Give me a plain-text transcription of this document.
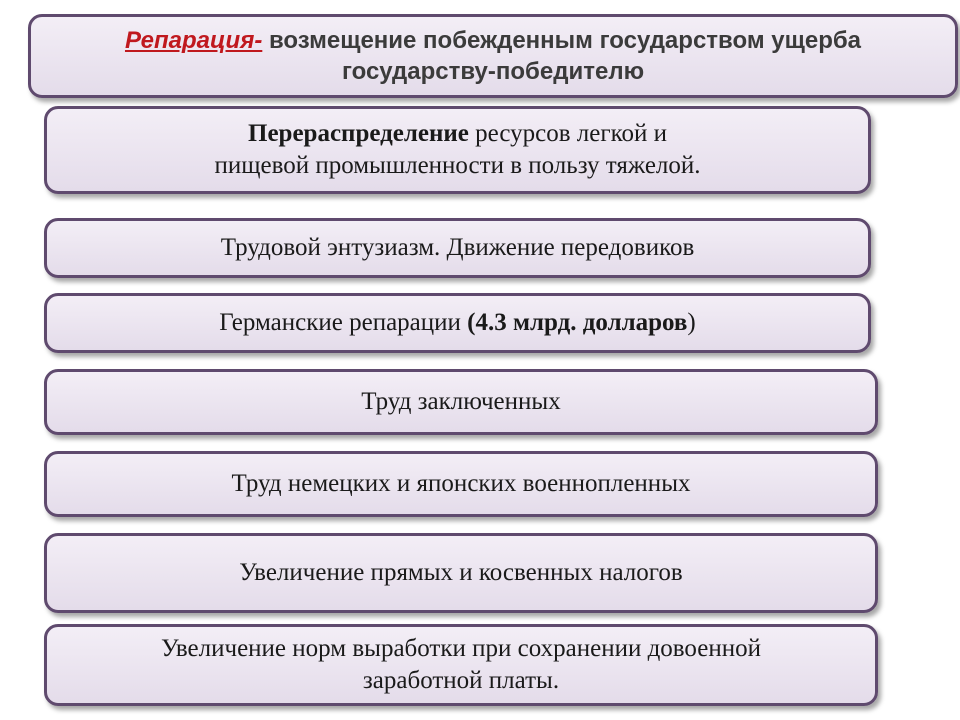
Репарация- возмещение побежденным государством ущерба
государству-победителю
Перераспределение ресурсов легкой и
пищевой промышленности в пользу тяжелой.
Трудовой энтузиазм. Движение передовиков
Германские репарации (4.3 млрд. долларов)
Труд заключенных
Труд немецких и японских военнопленных
Увеличение прямых и косвенных налогов
Увеличение норм выработки при сохранении довоенной
заработной платы.
